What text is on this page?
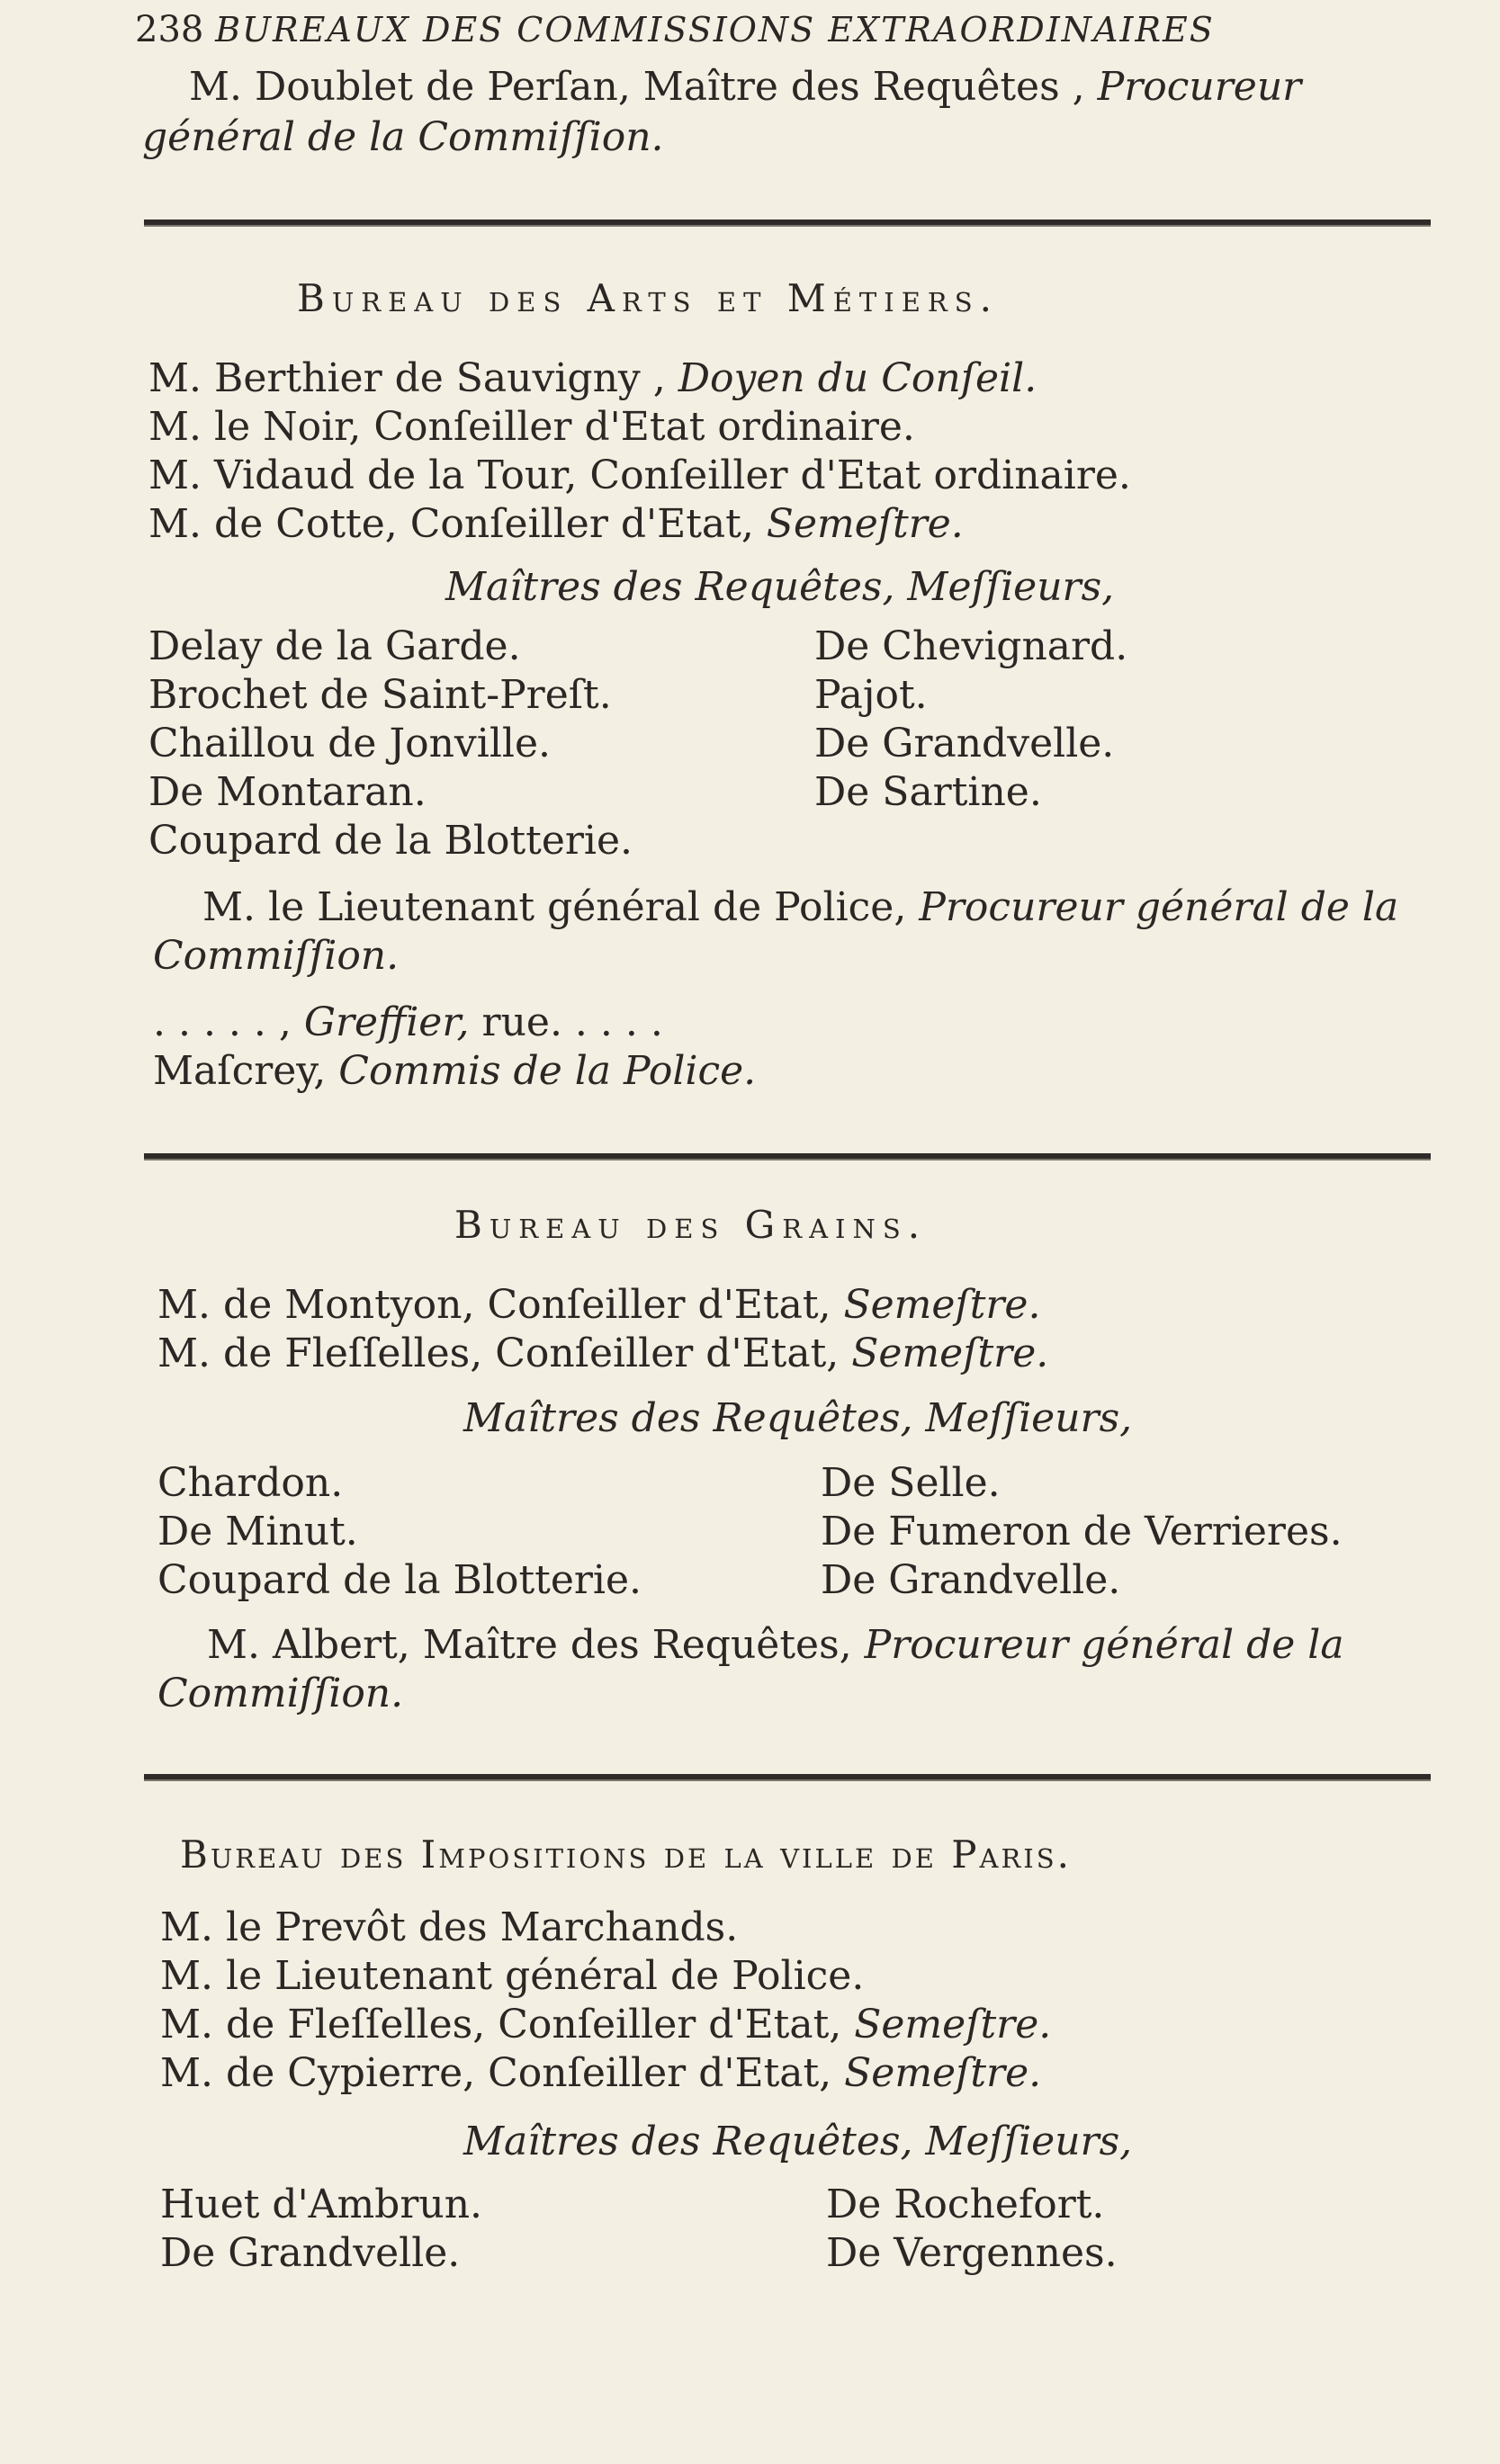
238 BUREAUX DES COMMISSIONS EXTRAORDINAIRES
M. Doublet de Perſan, Maître des Requêtes , Procureur
général de la Commiſſion.
Bureau des Arts et Métiers.
M. Berthier de Sauvigny , Doyen du Conſeil.
M. le Noir, Conſeiller d'Etat ordinaire.
M. Vidaud de la Tour, Conſeiller d'Etat ordinaire.
M. de Cotte, Conſeiller d'Etat, Semeſtre.
Maîtres des Requêtes, Meſſieurs,
Delay de la Garde.
Brochet de Saint-Preſt.
Chaillou de Jonville.
De Montaran.
Coupard de la Blotterie.
De Chevignard.
Pajot.
De Grandvelle.
De Sartine.
M. le Lieutenant général de Police, Procureur général de la
Commiſſion.
. . . . . , Greffier, rue. . . . .
Maſcrey, Commis de la Police.
Bureau des Grains.
M. de Montyon, Conſeiller d'Etat, Semeſtre.
M. de Fleſſelles, Conſeiller d'Etat, Semeſtre.
Maîtres des Requêtes, Meſſieurs,
Chardon.
De Minut.
Coupard de la Blotterie.
De Selle.
De Fumeron de Verrieres.
De Grandvelle.
M. Albert, Maître des Requêtes, Procureur général de la
Commiſſion.
Bureau des Impositions de la ville de Paris.
M. le Prevôt des Marchands.
M. le Lieutenant général de Police.
M. de Fleſſelles, Conſeiller d'Etat, Semeſtre.
M. de Cypierre, Conſeiller d'Etat, Semeſtre.
Maîtres des Requêtes, Meſſieurs,
Huet d'Ambrun.
De Grandvelle.
De Rochefort.
De Vergennes.
